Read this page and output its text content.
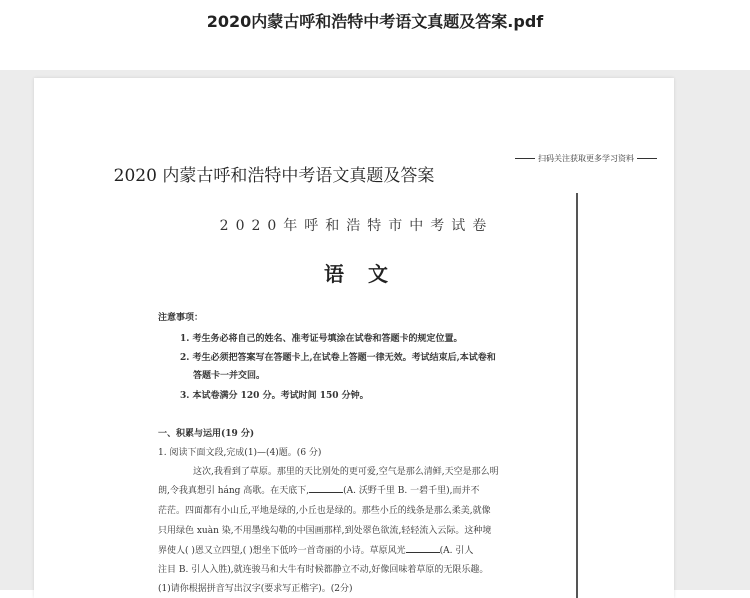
2020内蒙古呼和浩特中考语文真题及答案.pdf
扫码关注获取更多学习资料
2020 内蒙古呼和浩特中考语文真题及答案
2020年呼和浩特市中考试卷
语文
注意事项：
1. 考生务必将自己的姓名、准考证号填涂在试卷和答题卡的规定位置。
2. 考生必须把答案写在答题卡上,在试卷上答题一律无效。考试结束后,本试卷和
答题卡一并交回。
3. 本试卷满分 120 分。考试时间 150 分钟。
一、积累与运用(19 分)
1. 阅读下面文段,完成(1)—(4)题。(6 分)
这次,我看到了草原。那里的天比别处的更可爱,空气是那么清鲜,天空是那么明
朗,令我真想引 háng 高歌。在天底下,	(A. 沃野千里 B. 一碧千里),而并不
茫茫。四面都有小山丘,平地是绿的,小丘也是绿的。那些小丘的线条是那么柔美,就像
只用绿色 xuàn 染,不用墨线勾勒的中国画那样,到处翠色欲流,轻轻流入云际。这种境
界使人( )恩又立四望,( )想坐下低吟一首奇丽的小诗。草原风光	(A. 引人
注目 B. 引人入胜),就连骏马和大牛有时候都静立不动,好像回味着草原的无限乐趣。
(1)请你根据拼音写出汉字(要求写正楷字)。(2分)
